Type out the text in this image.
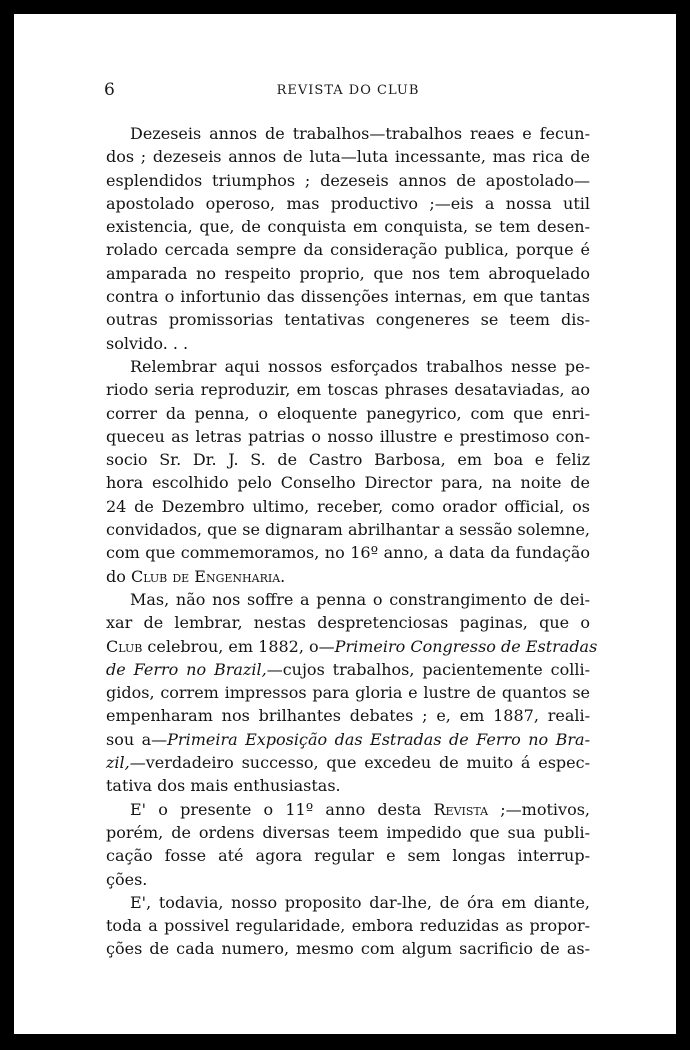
6	REVISTA DO CLUB
Dezeseis annos de trabalhos—trabalhos reaes e fecun-
dos ; dezeseis annos de luta—luta incessante, mas rica de
esplendidos triumphos ; dezeseis annos de apostolado—
apostolado operoso, mas productivo ;—eis a nossa util
existencia, que, de conquista em conquista, se tem desen-
rolado cercada sempre da consideração publica, porque é
amparada no respeito proprio, que nos tem abroquelado
contra o infortunio das dissenções internas, em que tantas
outras promissorias tentativas congeneres se teem dis-
solvido. . .
Relembrar aqui nossos esforçados trabalhos nesse pe-
riodo seria reproduzir, em toscas phrases desataviadas, ao
correr da penna, o eloquente panegyrico, com que enri-
queceu as letras patrias o nosso illustre e prestimoso con-
socio Sr. Dr. J. S. de Castro Barbosa, em boa e feliz
hora escolhido pelo Conselho Director para, na noite de
24 de Dezembro ultimo, receber, como orador official, os
convidados, que se dignaram abrilhantar a sessão solemne,
com que commemoramos, no 16º anno, a data da fundação
do Club de Engenharia.
Mas, não nos soffre a penna o constrangimento de dei-
xar de lembrar, nestas despretenciosas paginas, que o
Club celebrou, em 1882, o—Primeiro Congresso de Estradas
de Ferro no Brazil,—cujos trabalhos, pacientemente colli-
gidos, correm impressos para gloria e lustre de quantos se
empenharam nos brilhantes debates ; e, em 1887, reali-
sou a—Primeira Exposição das Estradas de Ferro no Bra-
zil,—verdadeiro successo, que excedeu de muito á espec-
tativa dos mais enthusiastas.
E' o presente o 11º anno desta Revista ;—motivos,
porém, de ordens diversas teem impedido que sua publi-
cação fosse até agora regular e sem longas interrup-
ções.
E', todavia, nosso proposito dar-lhe, de óra em diante,
toda a possivel regularidade, embora reduzidas as propor-
ções de cada numero, mesmo com algum sacrificio de as-
